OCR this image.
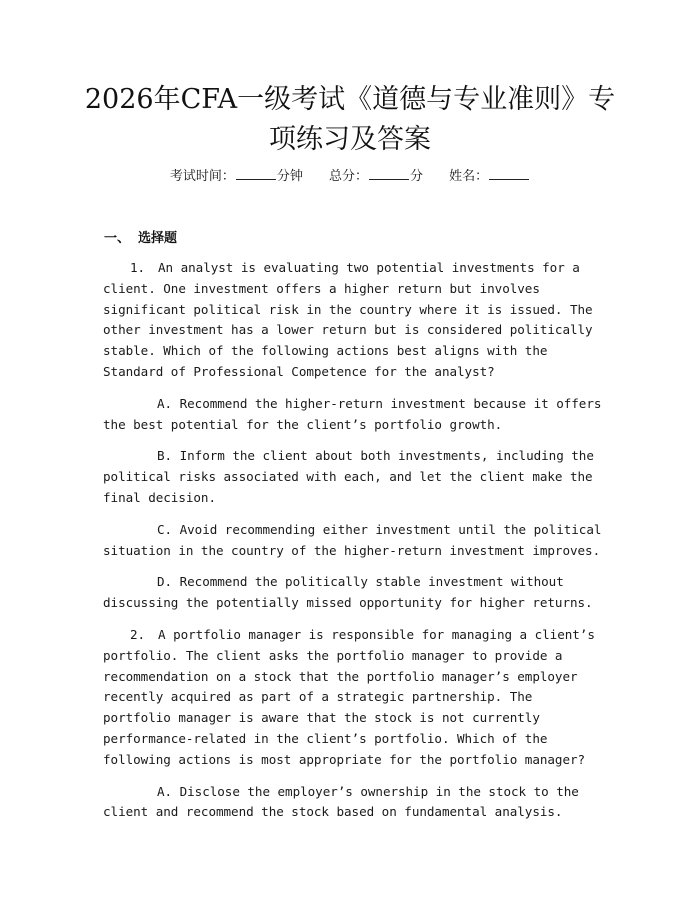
2026年CFA一级考试《道德与专业准则》专
项练习及答案
考试时间：	分钟 总分：	分 姓名：
一、 选择题

1. An analyst is evaluating two potential investments for a client. One investment offers a higher return but involves significant political risk in the country where it is issued. The other investment has a lower return but is considered politically stable. Which of the following actions best aligns with the Standard of Professional Competence for the analyst?

A. Recommend the higher-return investment because it offers the best potential for the client’s portfolio growth.

B. Inform the client about both investments, including the political risks associated with each, and let the client make the final decision.

C. Avoid recommending either investment until the political situation in the country of the higher-return investment improves.

D. Recommend the politically stable investment without discussing the potentially missed opportunity for higher returns.

2. A portfolio manager is responsible for managing a client’s portfolio. The client asks the portfolio manager to provide a recommendation on a stock that the portfolio manager’s employer recently acquired as part of a strategic partnership. The portfolio manager is aware that the stock is not currently performance-related in the client’s portfolio. Which of the following actions is most appropriate for the portfolio manager?

A. Disclose the employer’s ownership in the stock to the client and recommend the stock based on fundamental analysis.
